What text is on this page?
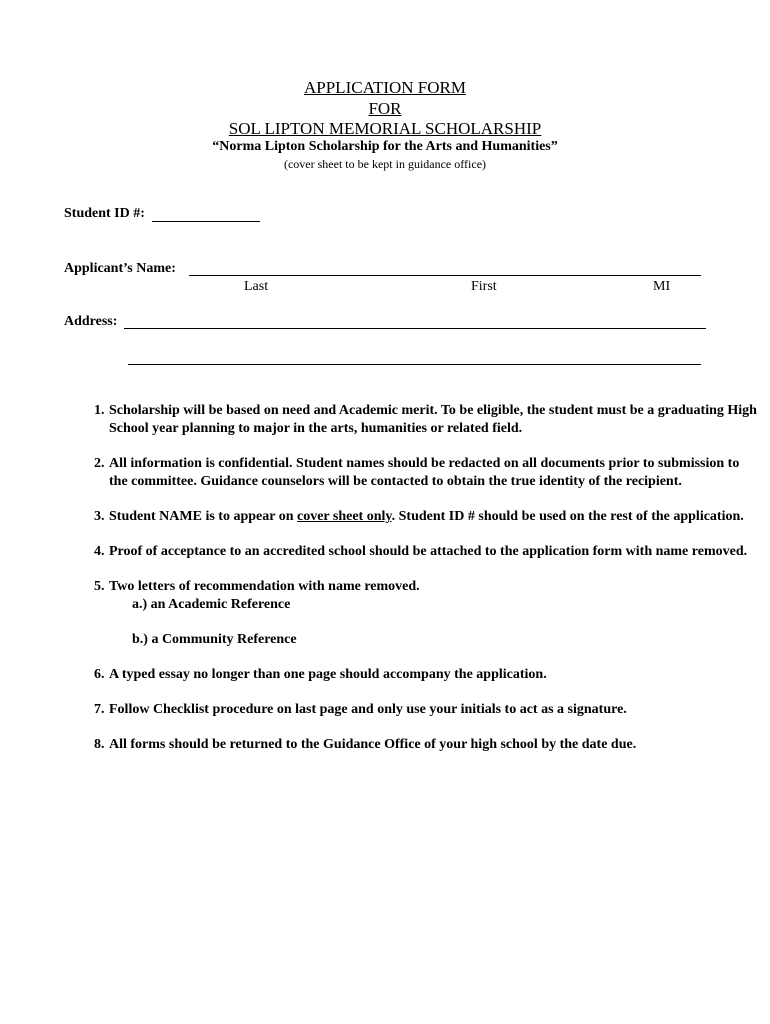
APPLICATION FORM
FOR
SOL LIPTON MEMORIAL SCHOLARSHIP
“Norma Lipton Scholarship for the Arts and Humanities”
(cover sheet to be kept in guidance office)
Student ID #:
Applicant’s Name:
Last	First	MI
Address:
1. Scholarship will be based on need and Academic merit. To be eligible, the student must be a graduating High School year planning to major in the arts, humanities or related field.
2. All information is confidential. Student names should be redacted on all documents prior to submission to the committee. Guidance counselors will be contacted to obtain the true identity of the recipient.
3. Student NAME is to appear on cover sheet only. Student ID # should be used on the rest of the application.
4. Proof of acceptance to an accredited school should be attached to the application form with name removed.
5. Two letters of recommendation with name removed.
a.) an Academic Reference
b.) a Community Reference
6. A typed essay no longer than one page should accompany the application.
7. Follow Checklist procedure on last page and only use your initials to act as a signature.
8. All forms should be returned to the Guidance Office of your high school by the date due.
